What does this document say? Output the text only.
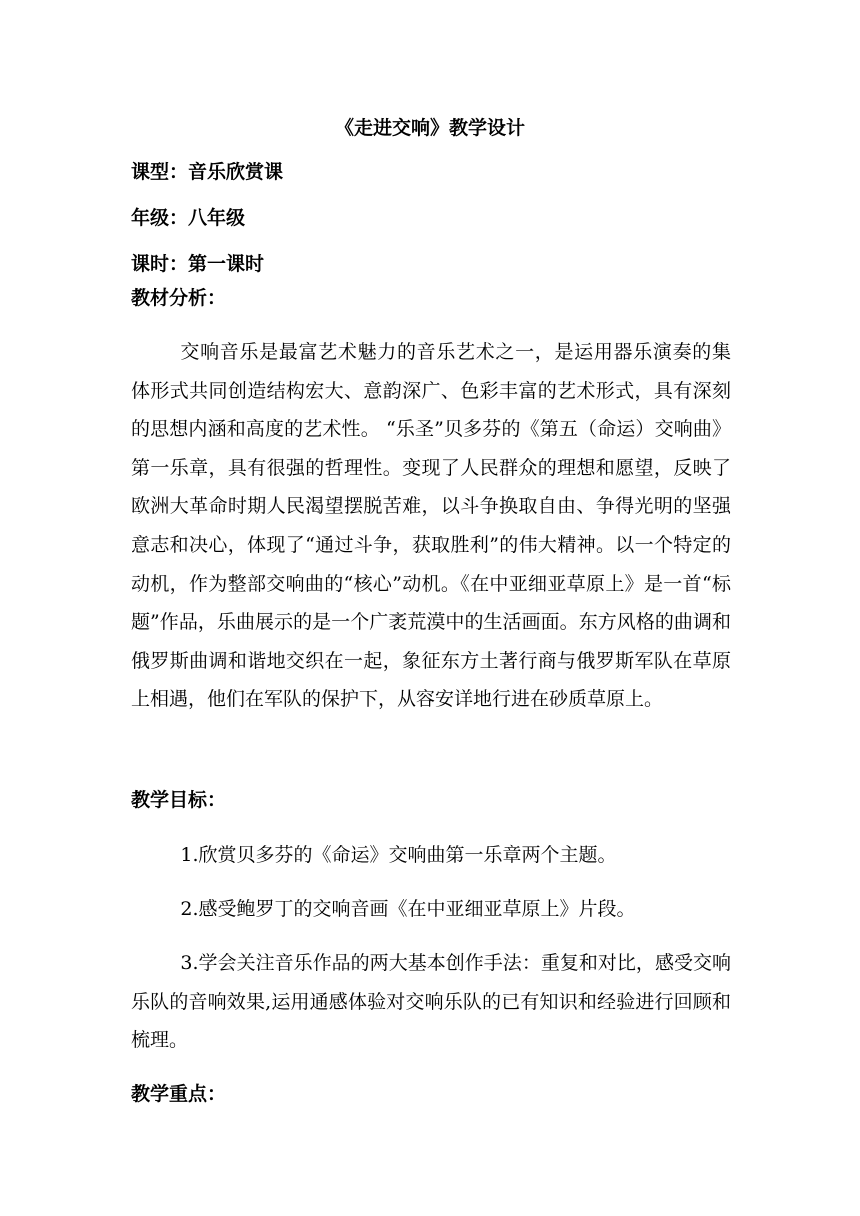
《走进交响》教学设计
课型：音乐欣赏课
年级：八年级
课时：第一课时
教材分析：
交响音乐是最富艺术魅力的音乐艺术之一，是运用器乐演奏的集体形式共同创造结构宏大、意韵深广、色彩丰富的艺术形式，具有深刻的思想内涵和高度的艺术性。 “乐圣”贝多芬的《第五（命运）交响曲》第一乐章，具有很强的哲理性。变现了人民群众的理想和愿望，反映了欧洲大革命时期人民渴望摆脱苦难，以斗争换取自由、争得光明的坚强意志和决心，体现了“通过斗争，获取胜利”的伟大精神。以一个特定的动机，作为整部交响曲的“核心”动机。《在中亚细亚草原上》是一首“标题”作品，乐曲展示的是一个广袤荒漠中的生活画面。东方风格的曲调和俄罗斯曲调和谐地交织在一起，象征东方土著行商与俄罗斯军队在草原上相遇，他们在军队的保护下，从容安详地行进在砂质草原上。
教学目标：
1.欣赏贝多芬的《命运》交响曲第一乐章两个主题。
2.感受鲍罗丁的交响音画《在中亚细亚草原上》片段。
3.学会关注音乐作品的两大基本创作手法：重复和对比，感受交响乐队的音响效果,运用通感体验对交响乐队的已有知识和经验进行回顾和梳理。
教学重点：
